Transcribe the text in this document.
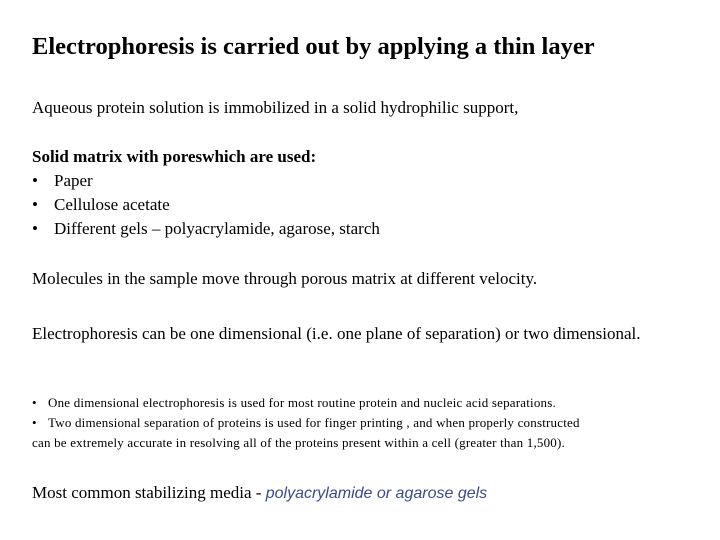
Electrophoresis is carried out by applying a thin layer
Aqueous protein solution is immobilized in a solid hydrophilic support,
Solid matrix with poreswhich are used:
• Paper
• Cellulose acetate
• Different gels – polyacrylamide, agarose, starch
Molecules in the sample move through porous matrix at different velocity.
Electrophoresis can be one dimensional (i.e. one plane of separation) or two dimensional.
• One dimensional electrophoresis is used for most routine protein and nucleic acid separations.
• Two dimensional separation of proteins is used for finger printing , and when properly constructed
can be extremely accurate in resolving all of the proteins present within a cell (greater than 1,500).
Most common stabilizing media - polyacrylamide or agarose gels
